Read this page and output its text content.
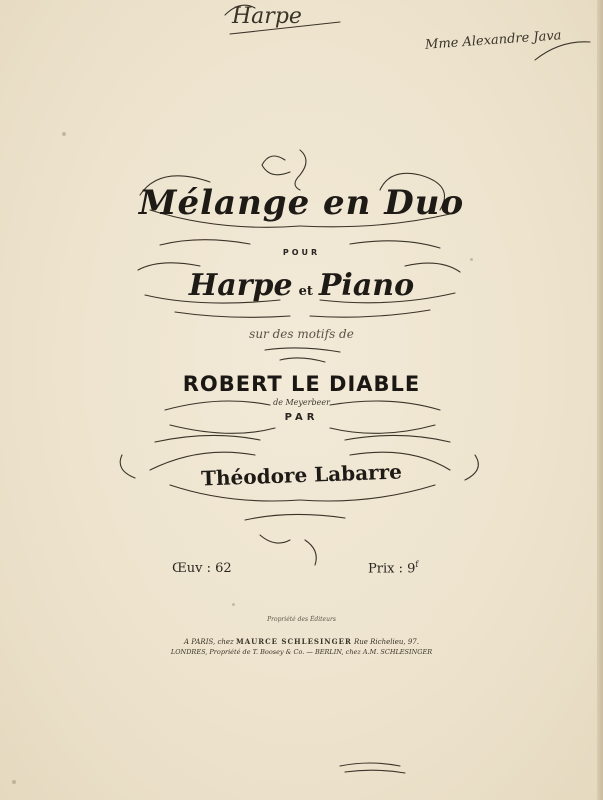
Harpe
Mme Alexandre Java
Mélange en Duo
POUR
Harpe et Piano
sur des motifs de
ROBERT LE DIABLE
de Meyerbeer
PAR
Théodore Labarre
Œuv : 62	Prix : 9$^f$
Propriété des Éditeurs
A PARIS, chez MAURCE SCHLESINGER Rue Richelieu, 97.
LONDRES, Propriété de T. Boosey & Co. — BERLIN, chez A.M. SCHLESINGER
